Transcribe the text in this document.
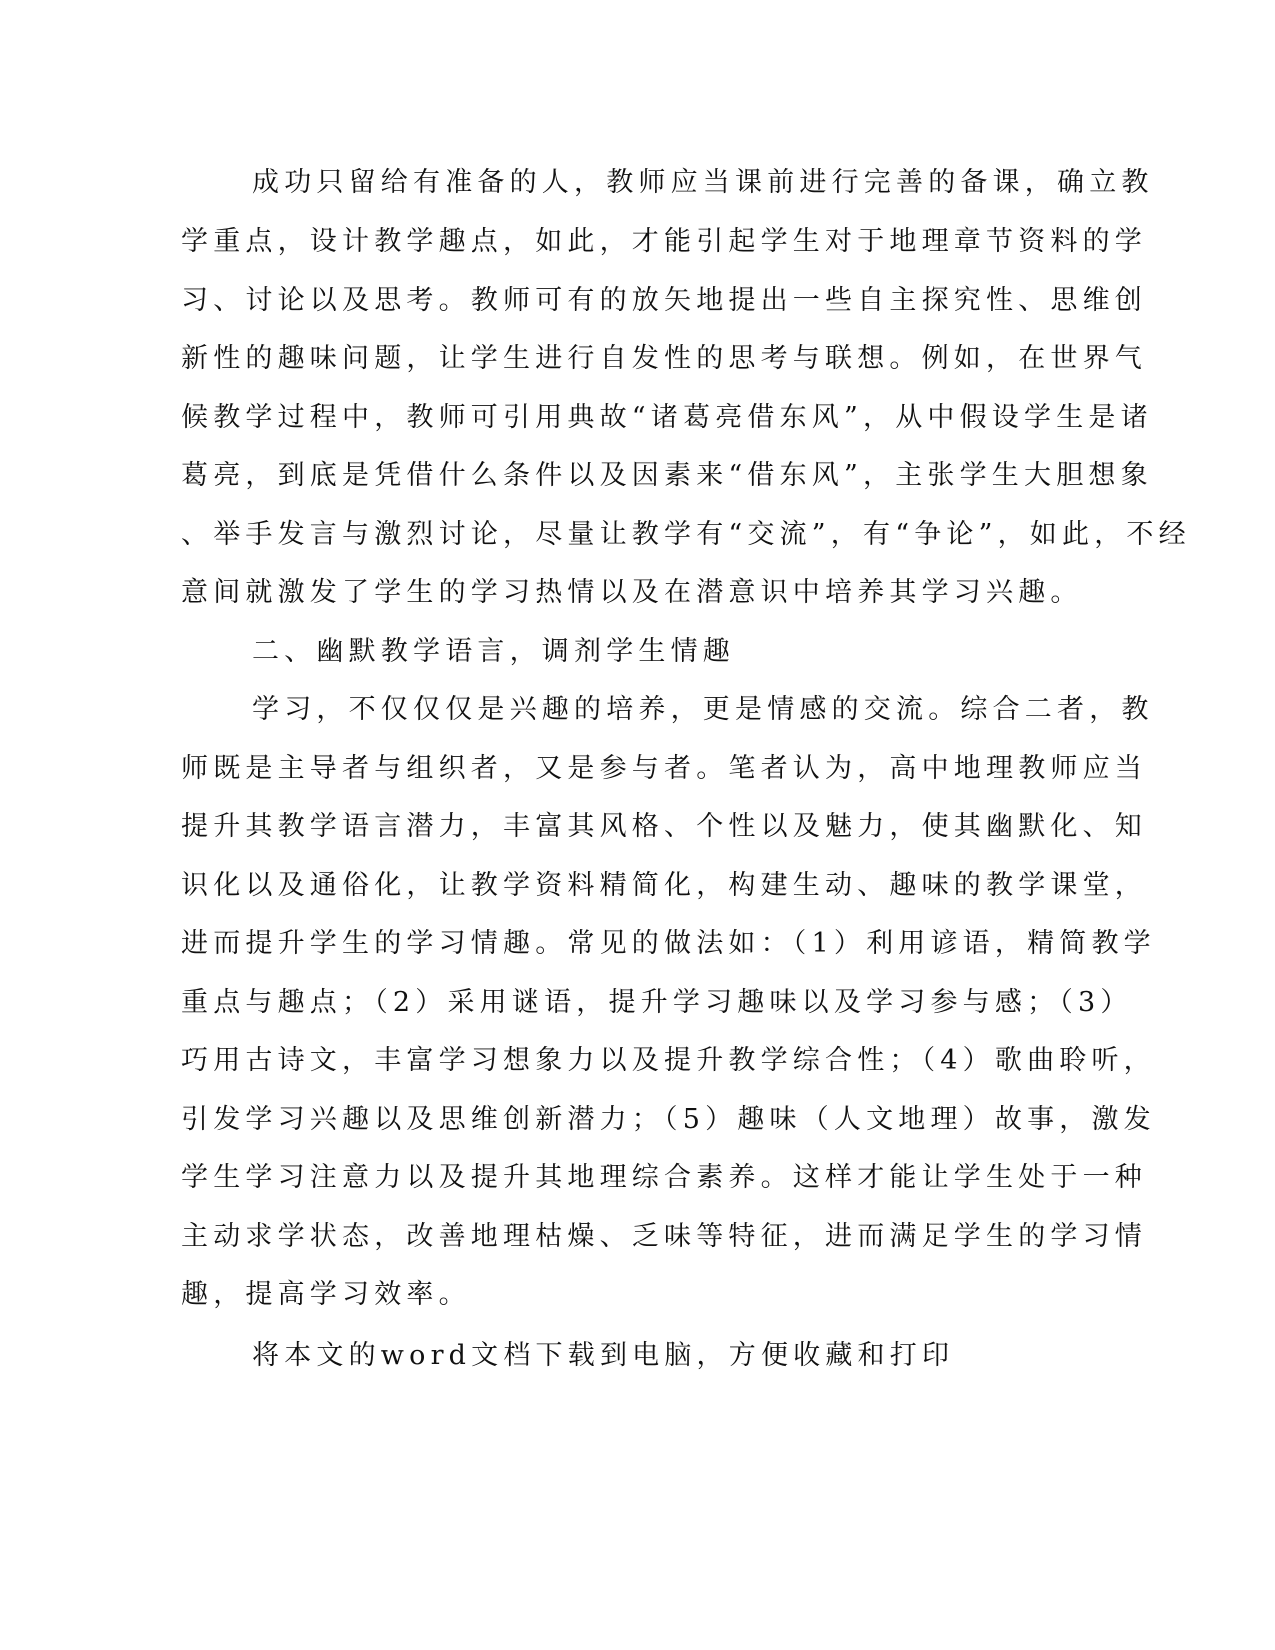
成功只留给有准备的人，教师应当课前进行完善的备课，确立教
学重点，设计教学趣点，如此，才能引起学生对于地理章节资料的学
习、讨论以及思考。教师可有的放矢地提出一些自主探究性、思维创
新性的趣味问题，让学生进行自发性的思考与联想。例如，在世界气
候教学过程中，教师可引用典故“诸葛亮借东风”，从中假设学生是诸
葛亮，到底是凭借什么条件以及因素来“借东风”，主张学生大胆想象
、举手发言与激烈讨论，尽量让教学有“交流”，有“争论”，如此，不经
意间就激发了学生的学习热情以及在潜意识中培养其学习兴趣。
二、幽默教学语言，调剂学生情趣
学习，不仅仅仅是兴趣的培养，更是情感的交流。综合二者，教
师既是主导者与组织者，又是参与者。笔者认为，高中地理教师应当
提升其教学语言潜力，丰富其风格、个性以及魅力，使其幽默化、知
识化以及通俗化，让教学资料精简化，构建生动、趣味的教学课堂，
进而提升学生的学习情趣。常见的做法如：（1）利用谚语，精简教学
重点与趣点；（2）采用谜语，提升学习趣味以及学习参与感；（3）
巧用古诗文，丰富学习想象力以及提升教学综合性；（4）歌曲聆听，
引发学习兴趣以及思维创新潜力；（5）趣味（人文地理）故事，激发
学生学习注意力以及提升其地理综合素养。这样才能让学生处于一种
主动求学状态，改善地理枯燥、乏味等特征，进而满足学生的学习情
趣，提高学习效率。
将本文的word文档下载到电脑，方便收藏和打印
